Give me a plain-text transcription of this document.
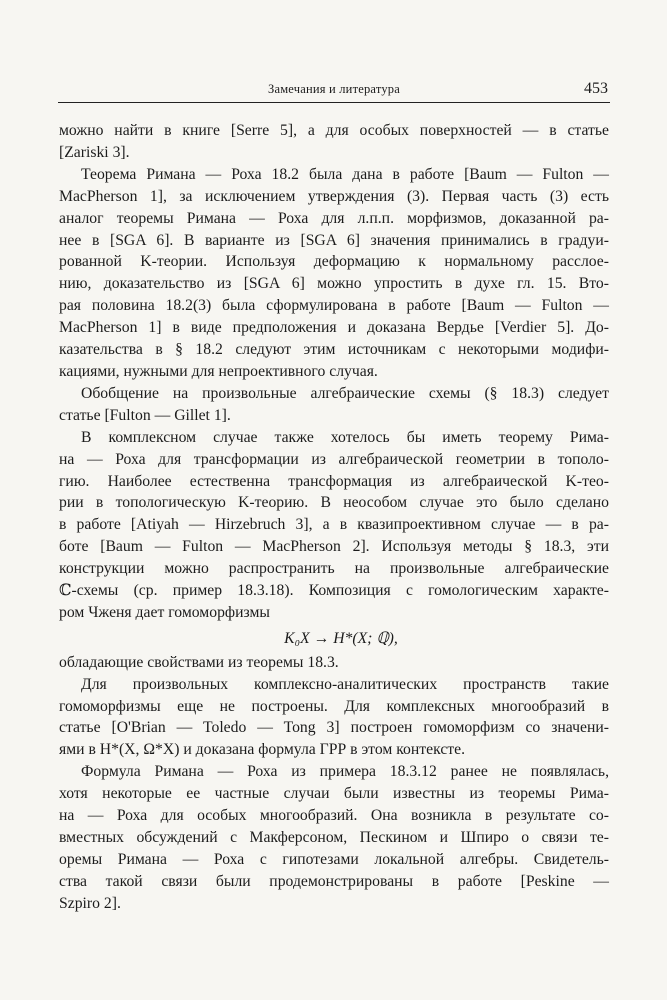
Замечания и литература	453
можно найти в книге [Serre 5], а для особых поверхностей — в статье
[Zariski 3].
Теорема Римана — Роха 18.2 была дана в работе [Baum — Fulton —
MacPherson 1], за исключением утверждения (3). Первая часть (3) есть
аналог теоремы Римана — Роха для л.п.п. морфизмов, доказанной ра-
нее в [SGA 6]. В варианте из [SGA 6] значения принимались в градуи-
рованной K-теории. Используя деформацию к нормальному расслое-
нию, доказательство из [SGA 6] можно упростить в духе гл. 15. Вто-
рая половина 18.2(3) была сформулирована в работе [Baum — Fulton —
MacPherson 1] в виде предположения и доказана Вердье [Verdier 5]. До-
казательства в § 18.2 следуют этим источникам с некоторыми модифи-
кациями, нужными для непроективного случая.
Обобщение на произвольные алгебраические схемы (§ 18.3) следует
статье [Fulton — Gillet 1].
В комплексном случае также хотелось бы иметь теорему Рима-
на — Роха для трансформации из алгебраической геометрии в тополо-
гию. Наиболее естественна трансформация из алгебраической K-тео-
рии в топологическую K-теорию. В неособом случае это было сделано
в работе [Atiyah — Hirzebruch 3], а в квазипроективном случае — в ра-
боте [Baum — Fulton — MacPherson 2]. Используя методы § 18.3, эти
конструкции можно распространить на произвольные алгебраические
ℂ-схемы (ср. пример 18.3.18). Композиция с гомологическим характе-
ром Чженя дает гомоморфизмы
K₀X → H*(X; ℚ),
обладающие свойствами из теоремы 18.3.
Для произвольных комплексно-аналитических пространств такие
гомоморфизмы еще не построены. Для комплексных многообразий в
статье [O'Brian — Toledo — Tong 3] построен гомоморфизм со значени-
ями в H*(X, Ω*X) и доказана формула ГРР в этом контексте.
Формула Римана — Роха из примера 18.3.12 ранее не появлялась,
хотя некоторые ее частные случаи были известны из теоремы Рима-
на — Роха для особых многообразий. Она возникла в результате со-
вместных обсуждений с Макферсоном, Пескином и Шпиро о связи те-
оремы Римана — Роха с гипотезами локальной алгебры. Свидетель-
ства такой связи были продемонстрированы в работе [Peskine —
Szpiro 2].
